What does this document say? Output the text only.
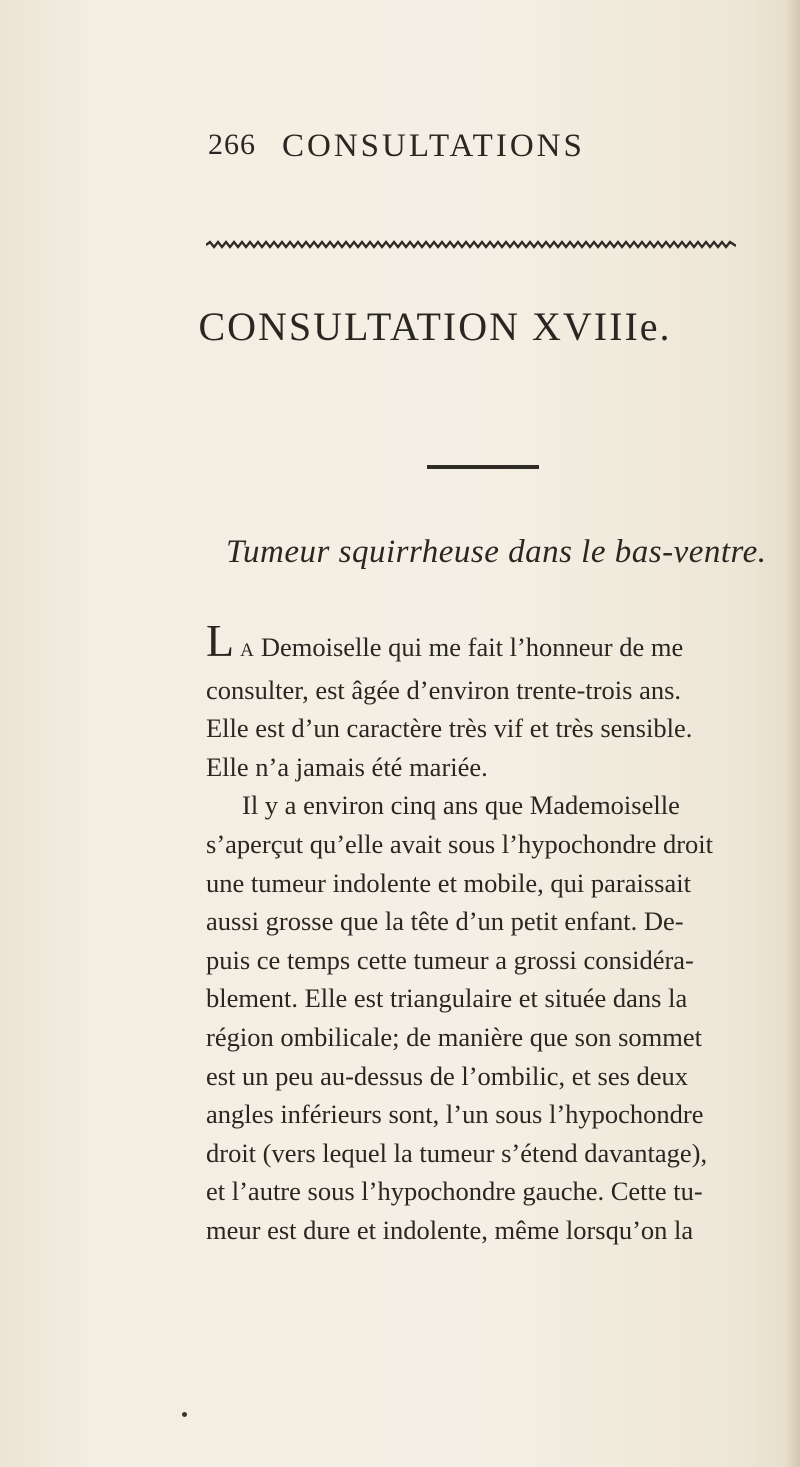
266 CONSULTATIONS
CONSULTATION XVIIIe.
Tumeur squirrheuse dans le bas-ventre.
L A Demoiselle qui me fait l’honneur de me
consulter, est âgée d’environ trente-trois ans.
Elle est d’un caractère très vif et très sensible.
Elle n’a jamais été mariée.
Il y a environ cinq ans que Mademoiselle
s’aperçut qu’elle avait sous l’hypochondre droit
une tumeur indolente et mobile, qui paraissait
aussi grosse que la tête d’un petit enfant. De-
puis ce temps cette tumeur a grossi considéra-
blement. Elle est triangulaire et située dans la
région ombilicale; de manière que son sommet
est un peu au-dessus de l’ombilic, et ses deux
angles inférieurs sont, l’un sous l’hypochondre
droit (vers lequel la tumeur s’étend davantage),
et l’autre sous l’hypochondre gauche. Cette tu-
meur est dure et indolente, même lorsqu’on la
